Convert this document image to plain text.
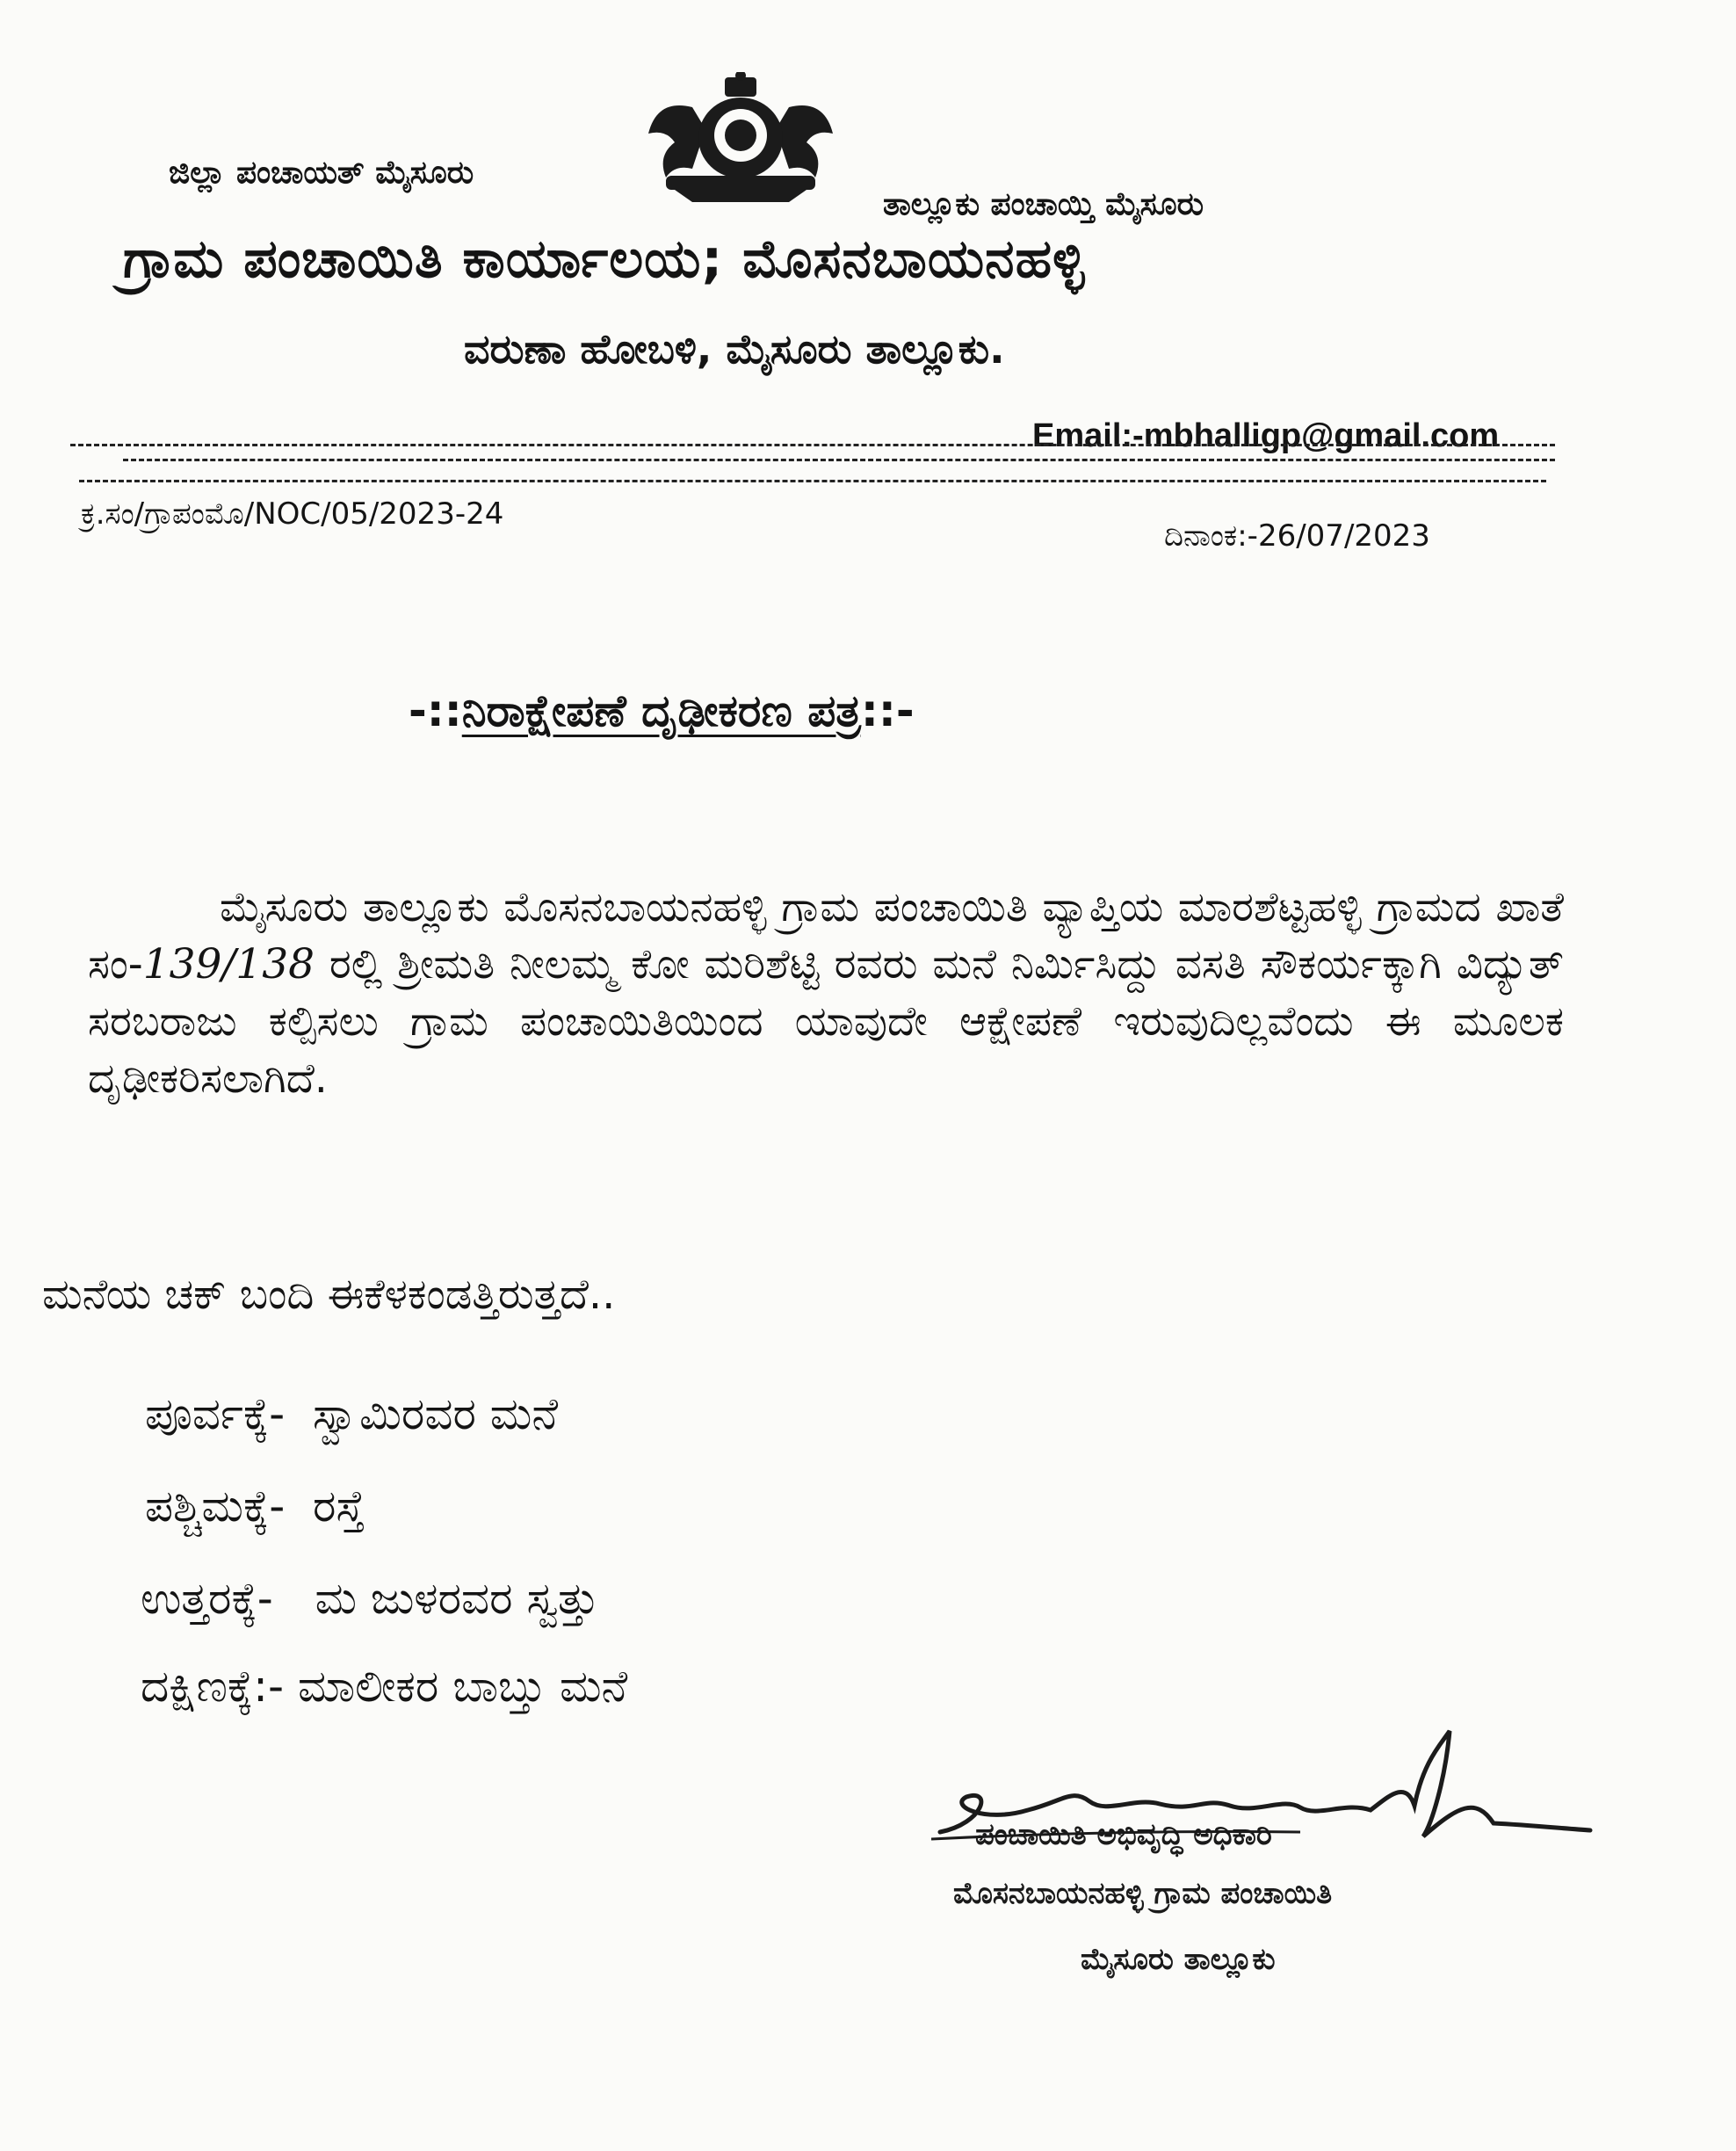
ಜಿಲ್ಲಾ ಪಂಚಾಯತ್ ಮೈಸೂರು
ತಾಲ್ಲೂಕು ಪಂಚಾಯ್ತಿ ಮೈಸೂರು
ಗ್ರಾಮ ಪಂಚಾಯಿತಿ ಕಾರ್ಯಾಲಯ; ಮೊಸನಬಾಯನಹಳ್ಳಿ
ವರುಣಾ ಹೋಬಳಿ, ಮೈಸೂರು ತಾಲ್ಲೂಕು.
Email:-mbhalligp@gmail.com
ಕ್ರ.ಸಂ/ಗ್ರಾಪಂಮೊ/NOC/05/2023-24
ದಿನಾಂಕ:-26/07/2023
-::ನಿರಾಕ್ಷೇಪಣೆ ದೃಢೀಕರಣ ಪತ್ರ::-
ಮೈಸೂರು ತಾಲ್ಲೂಕು ಮೊಸನಬಾಯನಹಳ್ಳಿ ಗ್ರಾಮ ಪಂಚಾಯಿತಿ ವ್ಯಾಪ್ತಿಯ ಮಾರಶೆಟ್ಟಹಳ್ಳಿ ಗ್ರಾಮದ ಖಾತೆ ಸಂ-139/138 ರಲ್ಲಿ ಶ್ರೀಮತಿ ನೀಲಮ್ಮ ಕೋ ಮರಿಶೆಟ್ಟಿ ರವರು ಮನೆ ನಿರ್ಮಿಸಿದ್ದು ವಸತಿ ಸೌಕರ್ಯಕ್ಕಾಗಿ ವಿದ್ಯುತ್ ಸರಬರಾಜು ಕಲ್ಪಿಸಲು ಗ್ರಾಮ ಪಂಚಾಯಿತಿಯಿಂದ ಯಾವುದೇ ಆಕ್ಷೇಪಣೆ ಇರುವುದಿಲ್ಲವೆಂದು ಈ ಮೂಲಕ ದೃಢೀಕರಿಸಲಾಗಿದೆ.
ಮನೆಯ ಚಕ್ ಬಂದಿ ಈಕೆಳಕಂಡತ್ತಿರುತ್ತದೆ..
ಪೂರ್ವಕ್ಕೆ- ಸ್ವಾಮಿರವರ ಮನೆ
ಪಶ್ಚಿಮಕ್ಕೆ- ರಸ್ತೆ
ಉತ್ತರಕ್ಕೆ- ಮ ಜುಳರವರ ಸ್ವತ್ತು
ದಕ್ಷಿಣಕ್ಕೆ:- ಮಾಲೀಕರ ಬಾಬ್ತು ಮನೆ
ಪಂಚಾಯಿತಿ ಅಭಿವೃದ್ಧಿ ಅಧಿಕಾರಿ
ಮೊಸನಬಾಯನಹಳ್ಳಿ ಗ್ರಾಮ ಪಂಚಾಯಿತಿ
ಮೈಸೂರು ತಾಲ್ಲೂಕು
